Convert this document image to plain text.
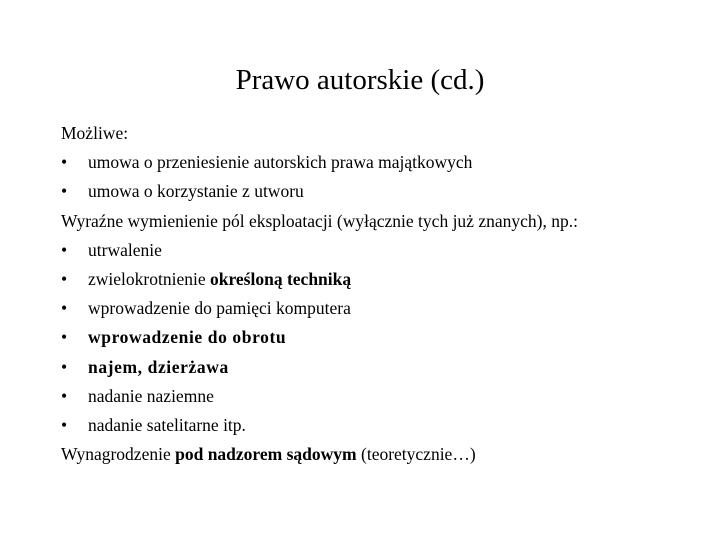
Prawo autorskie (cd.)
Możliwe:
• umowa o przeniesienie autorskich prawa majątkowych
• umowa o korzystanie z utworu
Wyraźne wymienienie pól eksploatacji (wyłącznie tych już znanych), np.:
• utrwalenie
• zwielokrotnienie określoną techniką
• wprowadzenie do pamięci komputera
• wprowadzenie do obrotu
• najem, dzierżawa
• nadanie naziemne
• nadanie satelitarne itp.
Wynagrodzenie pod nadzorem sądowym (teoretycznie…)
